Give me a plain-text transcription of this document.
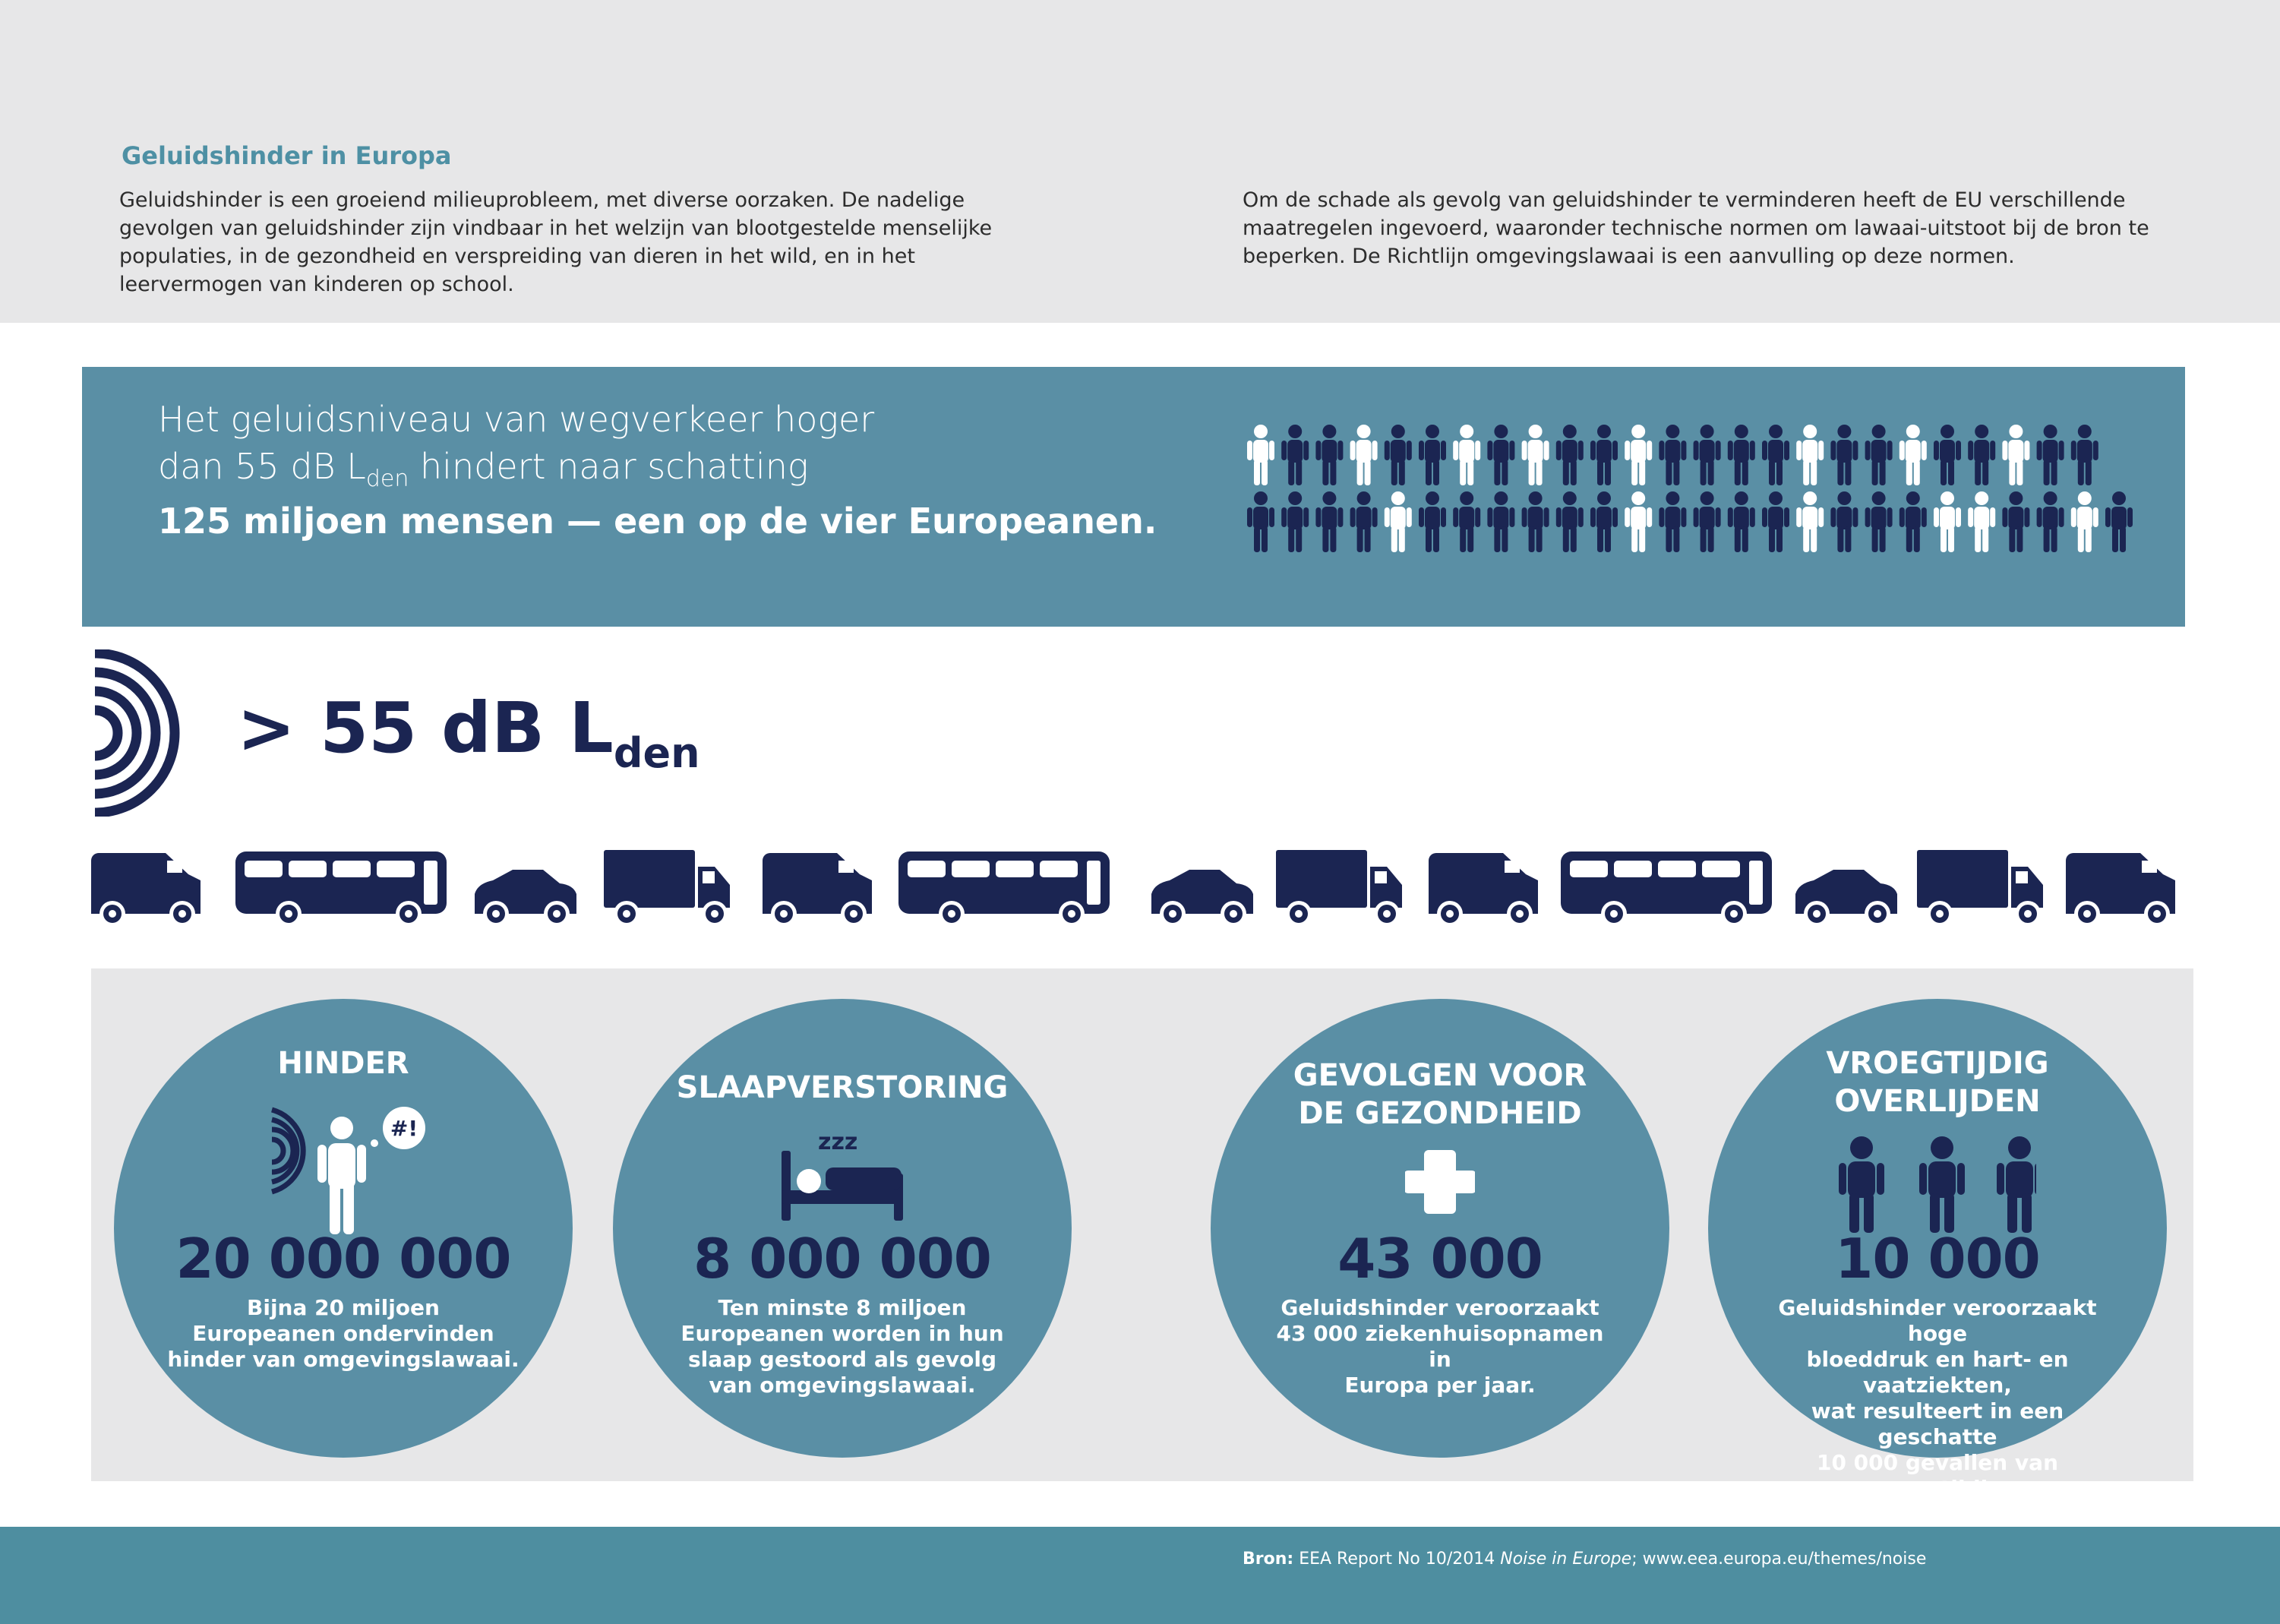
Geluidshinder in Europa

Geluidshinder is een groeiend milieuprobleem, met diverse oorzaken. De nadelige gevolgen van geluidshinder zijn vindbaar in het welzijn van blootgestelde menselijke populaties, in de gezondheid en verspreiding van dieren in het wild, en in het leervermogen van kinderen op school.

Om de schade als gevolg van geluidshinder te verminderen heeft de EU verschillende maatregelen ingevoerd, waaronder technische normen om lawaai-uitstoot bij de bron te beperken. De Richtlijn omgevingslawaai is een aanvulling op deze normen.

Het geluidsniveau van wegverkeer hoger
dan 55 dB $L_{den}$ hindert naar schatting
125 miljoen mensen — een op de vier Europeanen.
> 55 dB $L_{den}$
HINDER
#!
20 000 000
Bijna 20 miljoen
Europeanen ondervinden
hinder van omgevingslawaai.
SLAAPVERSTORING
zzz
8 000 000
Ten minste 8 miljoen
Europeanen worden in hun
slaap gestoord als gevolg
van omgevingslawaai.
GEVOLGEN VOOR
DE GEZONDHEID
43 000
Geluidshinder veroorzaakt
43 000 ziekenhuisopnamen in
Europa per jaar.
VROEGTIJDIG
OVERLIJDEN
10 000
Geluidshinder veroorzaakt hoge
bloeddruk en hart- en vaatziekten,
wat resulteert in een geschatte
10 000 gevallen van vroegtijdig
overlijden per jaar

Bron: EEA Report No 10/2014 Noise in Europe; www.eea.europa.eu/themes/noise
